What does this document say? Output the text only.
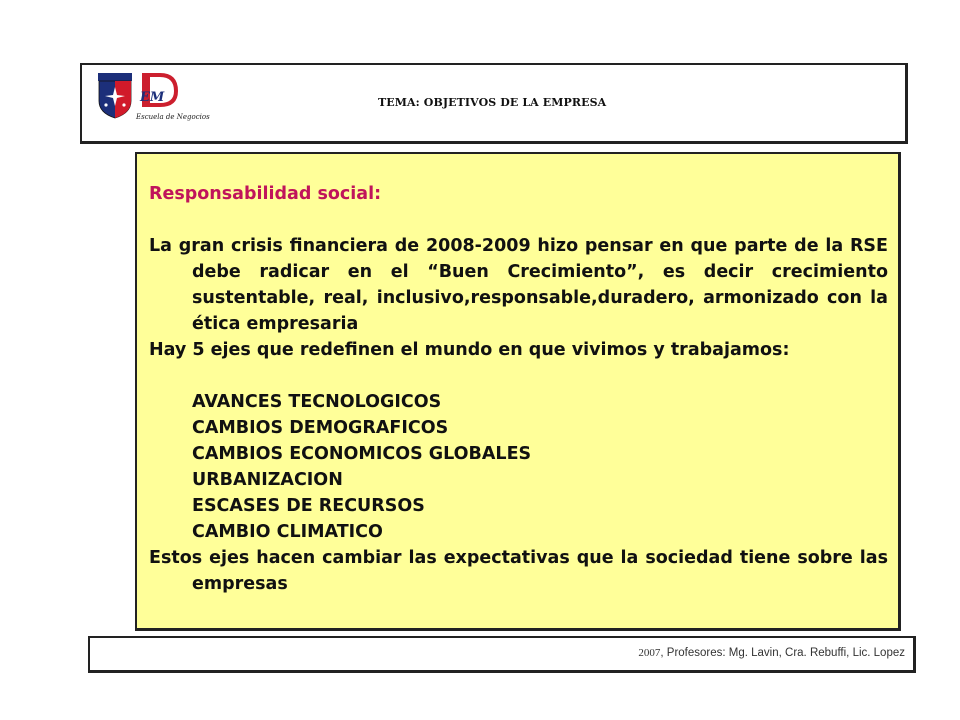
EM
Escuela de Negocios
TEMA: OBJETIVOS DE LA EMPRESA

Responsabilidad social:

La gran crisis financiera de 2008-2009 hizo pensar en que parte de la RSE debe radicar en el “Buen Crecimiento”, es decir crecimiento sustentable, real, inclusivo,responsable,duradero, armonizado con la ética empresaria

Hay 5 ejes que redefinen el mundo en que vivimos y trabajamos:

AVANCES TECNOLOGICOS
CAMBIOS DEMOGRAFICOS
CAMBIOS ECONOMICOS GLOBALES
URBANIZACION
ESCASES DE RECURSOS
CAMBIO CLIMATICO

Estos ejes hacen cambiar las expectativas que la sociedad tiene sobre las empresas

2007, Profesores: Mg. Lavin, Cra. Rebuffi, Lic. Lopez
